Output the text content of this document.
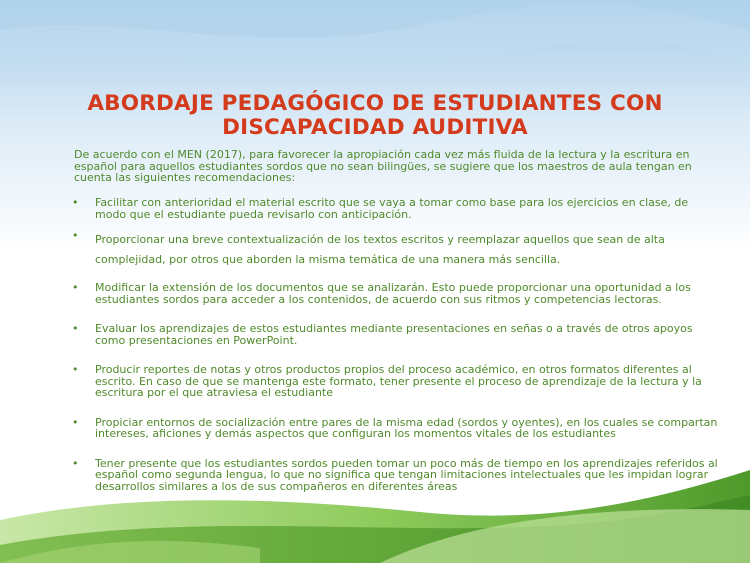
ABORDAJE PEDAGÓGICO DE ESTUDIANTES CON
DISCAPACIDAD AUDITIVA

De acuerdo con el MEN (2017), para favorecer la apropiación cada vez más fluida de la lectura y la escritura en español para aquellos estudiantes sordos que no sean bilingües, se sugiere que los maestros de aula tengan en cuenta las siguientes recomendaciones:

• Facilitar con anterioridad el material escrito que se vaya a tomar como base para los ejercicios en clase, de modo que el estudiante pueda revisarlo con anticipación.
• Proporcionar una breve contextualización de los textos escritos y reemplazar aquellos que sean de alta complejidad, por otros que aborden la misma temática de una manera más sencilla.
• Modificar la extensión de los documentos que se analizarán. Esto puede proporcionar una oportunidad a los estudiantes sordos para acceder a los contenidos, de acuerdo con sus ritmos y competencias lectoras.
• Evaluar los aprendizajes de estos estudiantes mediante presentaciones en señas o a través de otros apoyos como presentaciones en PowerPoint.
• Producir reportes de notas y otros productos propios del proceso académico, en otros formatos diferentes al escrito. En caso de que se mantenga este formato, tener presente el proceso de aprendizaje de la lectura y la escritura por el que atraviesa el estudiante
• Propiciar entornos de socialización entre pares de la misma edad (sordos y oyentes), en los cuales se compartan intereses, aficiones y demás aspectos que configuran los momentos vitales de los estudiantes
• Tener presente que los estudiantes sordos pueden tomar un poco más de tiempo en los aprendizajes referidos al español como segunda lengua, lo que no significa que tengan limitaciones intelectuales que les impidan lograr desarrollos similares a los de sus compañeros en diferentes áreas
